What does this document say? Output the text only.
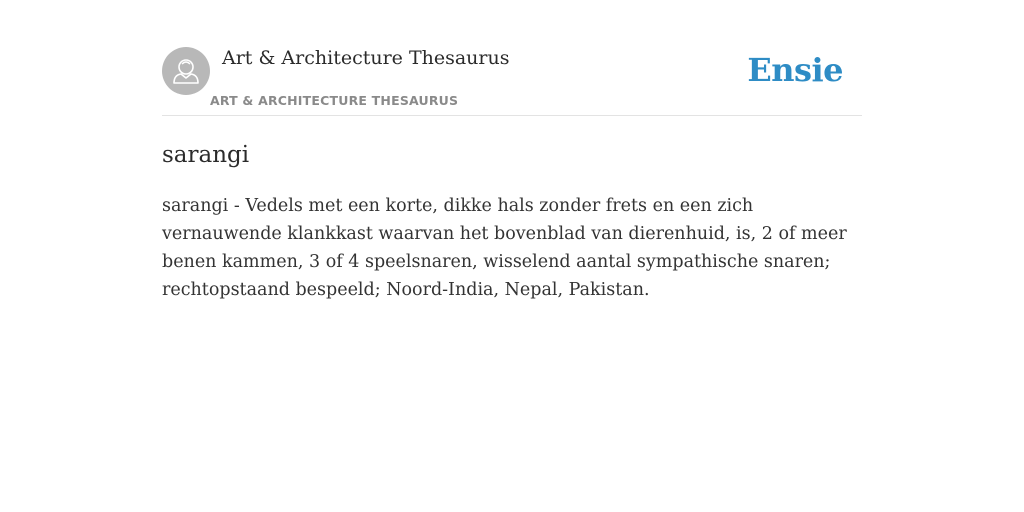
Art & Architecture Thesaurus
ART & ARCHITECTURE THESAURUS
Ensie
sarangi

sarangi - Vedels met een korte, dikke hals zonder frets en een zich vernauwende klankkast waarvan het bovenblad van dierenhuid, is, 2 of meer benen kammen, 3 of 4 speelsnaren, wisselend aantal sympathische snaren; rechtopstaand bespeeld; Noord-India, Nepal, Pakistan.
